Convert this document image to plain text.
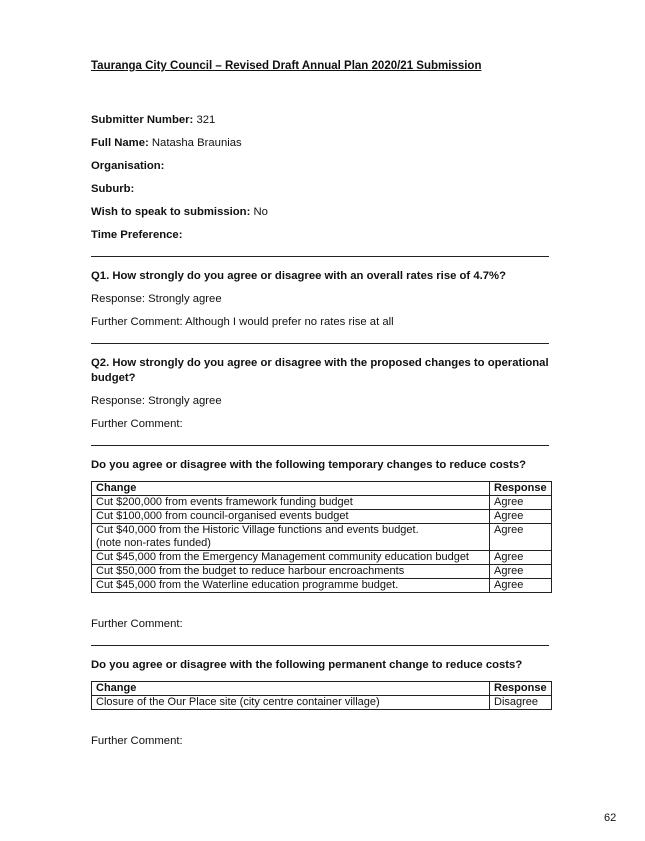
Tauranga City Council – Revised Draft Annual Plan 2020/21 Submission
Submitter Number: 321
Full Name: Natasha Braunias
Organisation:
Suburb:
Wish to speak to submission: No
Time Preference:
Q1. How strongly do you agree or disagree with an overall rates rise of 4.7%?
Response: Strongly agree
Further Comment: Although I would prefer no rates rise at all
Q2. How strongly do you agree or disagree with the proposed changes to operational budget?
Response: Strongly agree
Further Comment:
Do you agree or disagree with the following temporary changes to reduce costs?
Change	Response
Cut $200,000 from events framework funding budget	Agree
Cut $100,000 from council-organised events budget	Agree

Cut $40,000 from the Historic Village functions and events budget.
(note non-rates funded)	Agree
Cut $45,000 from the Emergency Management community education budget	Agree
Cut $50,000 from the budget to reduce harbour encroachments	Agree
Cut $45,000 from the Waterline education programme budget.	Agree
Further Comment:
Do you agree or disagree with the following permanent change to reduce costs?
Change	Response
Closure of the Our Place site (city centre container village)	Disagree
Further Comment:
62
